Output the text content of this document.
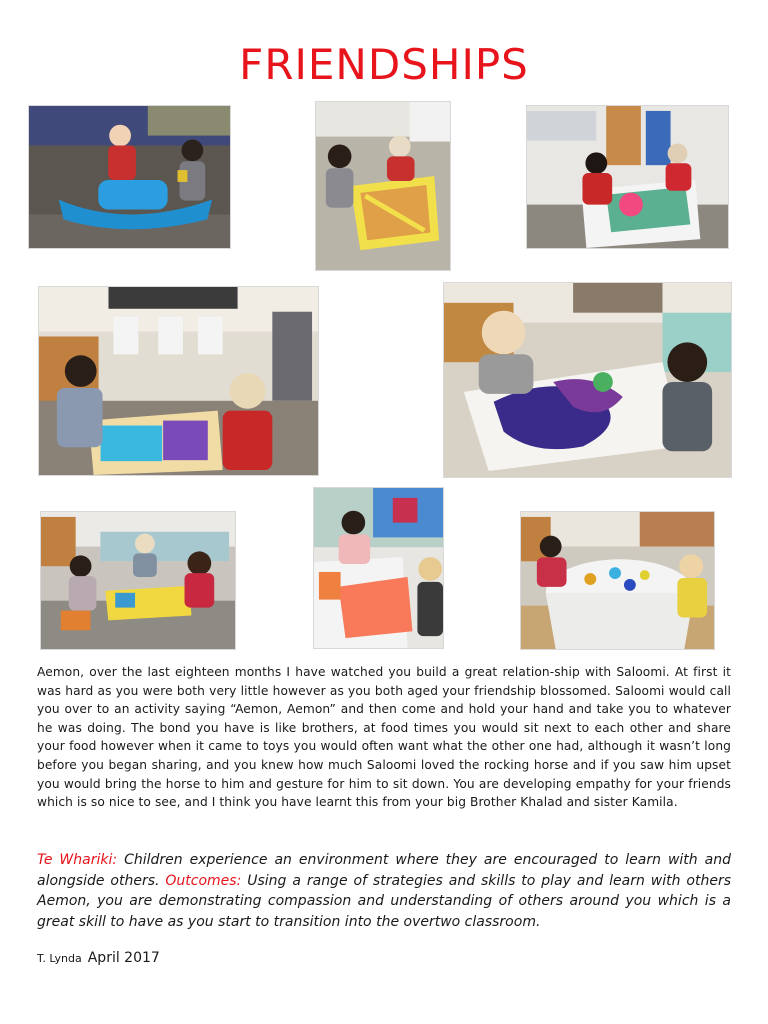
FRIENDSHIPS

Aemon, over the last eighteen months I have watched you build a great relation-ship with Saloomi. At first it was hard as you were both very little however as you both aged your friendship blossomed. Saloomi would call you over to an activity saying “Aemon, Aemon” and then come and hold your hand and take you to whatever he was doing. The bond you have is like brothers, at food times you would sit next to each other and share your food however when it came to toys you would often want what the other one had, although it wasn’t long before you began sharing, and you knew how much Saloomi loved the rocking horse and if you saw him upset you would bring the horse to him and gesture for him to sit down. You are developing empathy for your friends which is so nice to see, and I think you have learnt this from your big Brother Khalad and sister Kamila.

Te Whariki: Children experience an environment where they are encouraged to learn with and alongside others. Outcomes: Using a range of strategies and skills to play and learn with others Aemon, you are demonstrating compassion and understanding of others around you which is a great skill to have as you start to transition into the overtwo classroom.

T. Lynda April 2017
